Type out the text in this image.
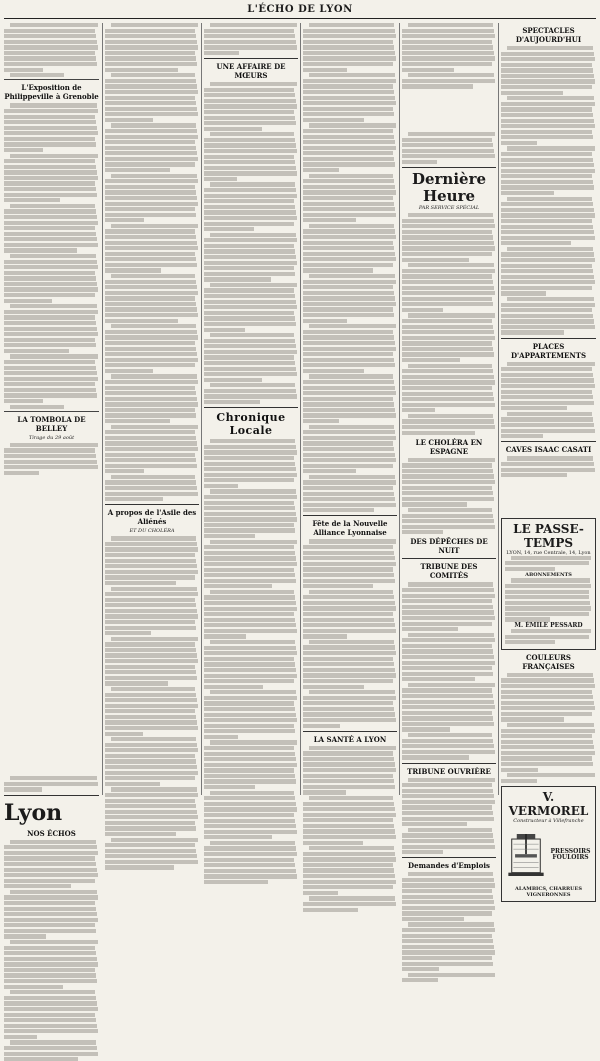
L'ÉCHO DE LYON
L'Exposition de Philippeville à Grenoble
LA TOMBOLA DE BELLEY
Tirage du 29 août
Lyon
NOS ÉCHOS
A propos de l'Asile des Aliénés
ET DU CHOLÉRA
UNE AFFAIRE DE MŒURS
Chronique Locale
Fête de la Nouvelle Alliance Lyonnaise
LA SANTÉ A LYON
Dernière Heure
PAR SERVICE SPÉCIAL
LE CHOLÉRA EN ESPAGNE
DES DÉPÊCHES DE NUIT
TRIBUNE DES COMITÉS
TRIBUNE OUVRIÈRE
Demandes d'Emplois
SPECTACLES D'AUJOURD'HUI
PLACES D'APPARTEMENTS
CAVES ISAAC CASATI
LE PASSE-TEMPS
LYON, 14, rue Centrale, 14, Lyon
ABONNEMENTS
M. ÉMILE PESSARD
COULEURS FRANÇAISES
V. VERMOREL
Constructeur à Villefranche
PRESSOIRS
FOULOIRS
ALAMBICS, CHARRUES VIGNERONNES
